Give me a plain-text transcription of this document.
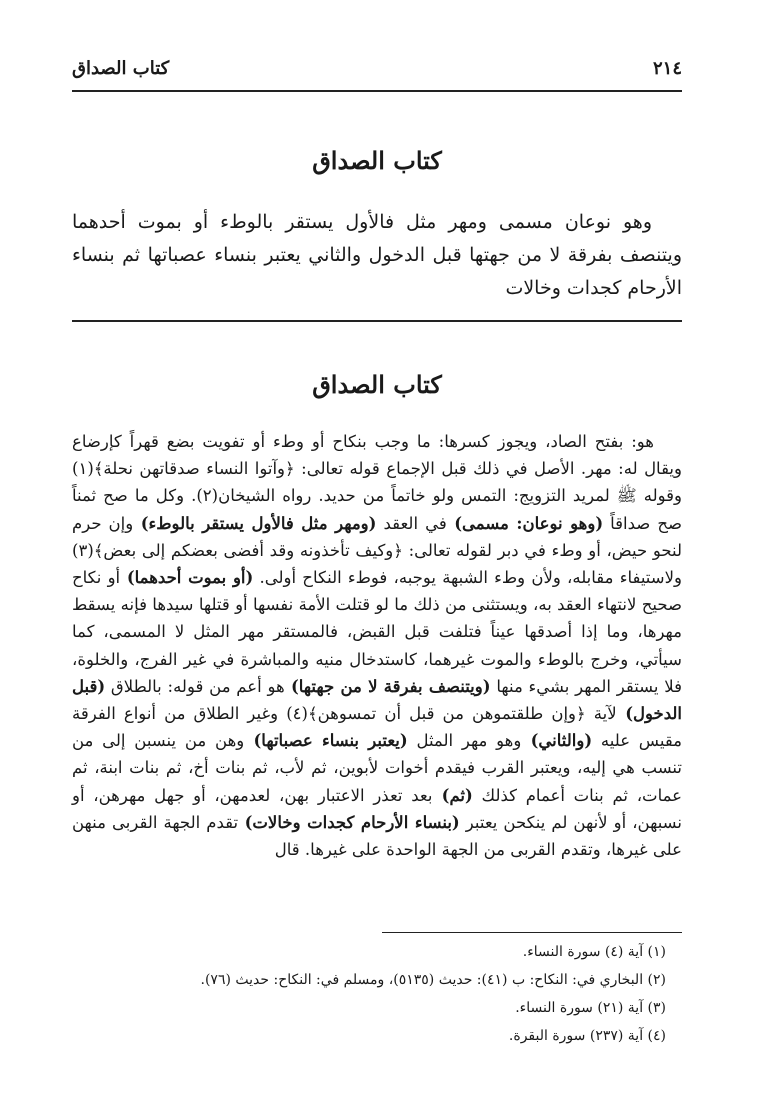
٢١٤
كتاب الصداق
كتاب الصداق

وهو نوعان مسمى ومهر مثل فالأول يستقر بالوطء أو بموت أحدهما ويتنصف بفرقة لا من جهتها قبل الدخول والثاني يعتبر بنساء عصباتها ثم بنساء الأرحام كجدات وخالات

كتاب الصداق

هو: بفتح الصاد، ويجوز كسرها: ما وجب بنكاح أو وطء أو تفويت بضع قهراً كإرضاع ويقال له: مهر. الأصل في ذلك قبل الإجماع قوله تعالى: ﴿وآتوا النساء صدقاتهن نحلة﴾(١) وقوله ﷺ لمريد التزويج: التمس ولو خاتماً من حديد. رواه الشيخان(٢). وكل ما صح ثمناً صح صداقاً (وهو نوعان: مسمى) في العقد (ومهر مثل فالأول يستقر بالوطء) وإن حرم لنحو حيض، أو وطء في دبر لقوله تعالى: ﴿وكيف تأخذونه وقد أفضى بعضكم إلى بعض﴾(٣) ولاستيفاء مقابله، ولأن وطء الشبهة يوجبه، فوطء النكاح أولى. (أو بموت أحدهما) أو نكاح صحيح لانتهاء العقد به، ويستثنى من ذلك ما لو قتلت الأمة نفسها أو قتلها سيدها فإنه يسقط مهرها، وما إذا أصدقها عيناً فتلفت قبل القبض، فالمستقر مهر المثل لا المسمى، كما سيأتي، وخرج بالوطء والموت غيرهما، كاستدخال منيه والمباشرة في غير الفرج، والخلوة، فلا يستقر المهر بشيء منها (ويتنصف بفرقة لا من جهتها) هو أعم من قوله: بالطلاق (قبل الدخول) لآية ﴿وإن طلقتموهن من قبل أن تمسوهن﴾(٤) وغير الطلاق من أنواع الفرقة مقيس عليه (والثاني) وهو مهر المثل (يعتبر بنساء عصباتها) وهن من ينسبن إلى من تنسب هي إليه، ويعتبر القرب فيقدم أخوات لأبوين، ثم لأب، ثم بنات أخ، ثم بنات ابنة، ثم عمات، ثم بنات أعمام كذلك (ثم) بعد تعذر الاعتبار بهن، لعدمهن، أو جهل مهرهن، أو نسبهن، أو لأنهن لم ينكحن يعتبر (بنساء الأرحام كجدات وخالات) تقدم الجهة القربى منهن على غيرها، وتقدم القربى من الجهة الواحدة على غيرها. قال

(١) آية (٤) سورة النساء.
(٢) البخاري في: النكاح: ب (٤١): حديث (٥١٣٥)، ومسلم في: النكاح: حديث (٧٦).
(٣) آية (٢١) سورة النساء.
(٤) آية (٢٣٧) سورة البقرة.
